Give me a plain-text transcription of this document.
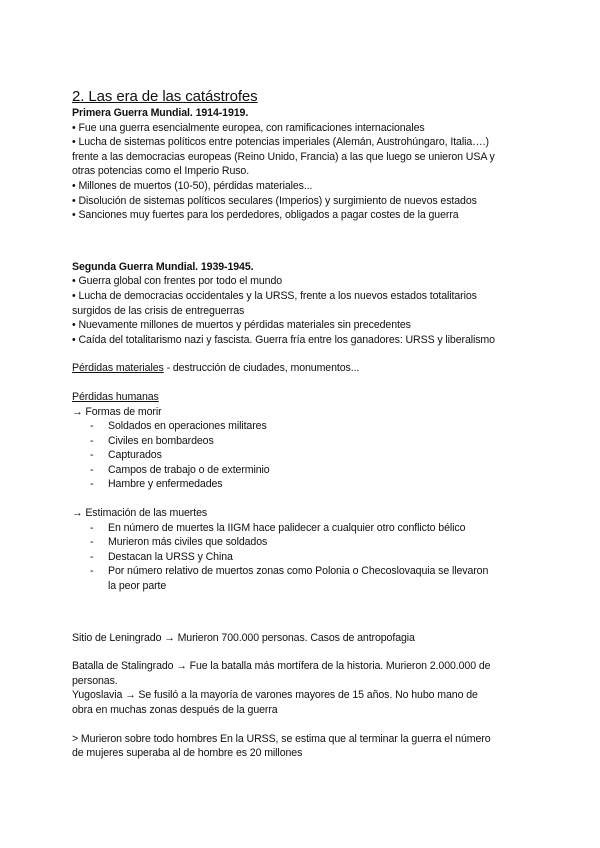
2. Las era de las catástrofes
Primera Guerra Mundial. 1914-1919.
• Fue una guerra esencialmente europea, con ramificaciones internacionales
• Lucha de sistemas políticos entre potencias imperiales (Alemán, Austrohúngaro, Italia….)
frente a las democracias europeas (Reino Unido, Francia) a las que luego se unieron USA y
otras potencias como el Imperio Ruso.
• Millones de muertos (10-50), pérdidas materiales...
• Disolución de sistemas políticos seculares (Imperios) y surgimiento de nuevos estados
• Sanciones muy fuertes para los perdedores, obligados a pagar costes de la guerra
Segunda Guerra Mundial. 1939-1945.
• Guerra global con frentes por todo el mundo
• Lucha de democracias occidentales y la URSS, frente a los nuevos estados totalitarios
surgidos de las crisis de entreguerras
• Nuevamente millones de muertos y pérdidas materiales sin precedentes
• Caída del totalitarismo nazi y fascista. Guerra fría entre los ganadores: URSS y liberalismo
Pérdidas materiales - destrucción de ciudades, monumentos...
Pérdidas humanas
→ Formas de morir
- Soldados en operaciones militares
- Civiles en bombardeos
- Capturados
- Campos de trabajo o de exterminio
- Hambre y enfermedades
→ Estimación de las muertes
- En número de muertes la IIGM hace palidecer a cualquier otro conflicto bélico
- Murieron más civiles que soldados
- Destacan la URSS y China
- Por número relativo de muertos zonas como Polonia o Checoslovaquia se llevaron
la peor parte
Sitio de Leningrado → Murieron 700.000 personas. Casos de antropofagia
Batalla de Stalingrado → Fue la batalla más mortífera de la historia. Murieron 2.000.000 de
personas.
Yugoslavia → Se fusiló a la mayoría de varones mayores de 15 años. No hubo mano de
obra en muchas zonas después de la guerra
> Murieron sobre todo hombres En la URSS, se estima que al terminar la guerra el número
de mujeres superaba al de hombre es 20 millones
